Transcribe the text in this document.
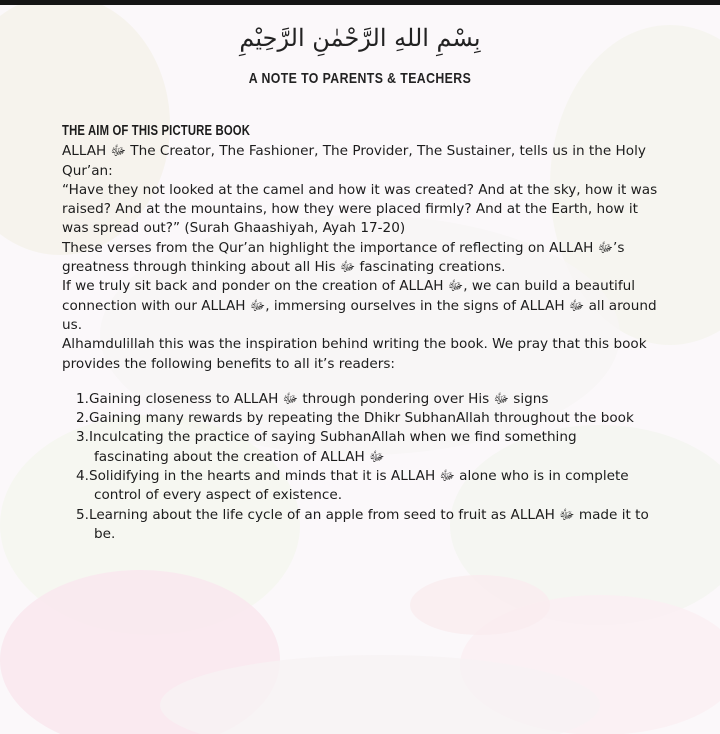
بِسْمِ اللهِ الرَّحْمٰنِ الرَّحِيْمِ
A NOTE TO PARENTS & TEACHERS
THE AIM OF THIS PICTURE BOOK

ALLAH ﷻ The Creator, The Fashioner, The Provider, The Sustainer, tells us in the Holy Qur’an:

“Have they not looked at the camel and how it was created? And at the sky, how it was raised? And at the mountains, how they were placed firmly? And at the Earth, how it was spread out?” (Surah Ghaashiyah, Ayah 17-20)

These verses from the Qur’an highlight the importance of reflecting on ALLAH ﷻ’s greatness through thinking about all His ﷻ fascinating creations.

If we truly sit back and ponder on the creation of ALLAH ﷻ, we can build a beautiful connection with our ALLAH ﷻ, immersing ourselves in the signs of ALLAH ﷻ all around us.

Alhamdulillah this was the inspiration behind writing the book. We pray that this book provides the following benefits to all it’s readers:

1.Gaining closeness to ALLAH ﷻ through pondering over His ﷻ signs
2.Gaining many rewards by repeating the Dhikr SubhanAllah throughout the book
3.Inculcating the practice of saying SubhanAllah when we find something
fascinating about the creation of ALLAH ﷻ
4.Solidifying in the hearts and minds that it is ALLAH ﷻ alone who is in complete
control of every aspect of existence.
5.Learning about the life cycle of an apple from seed to fruit as ALLAH ﷻ made it to
be.
